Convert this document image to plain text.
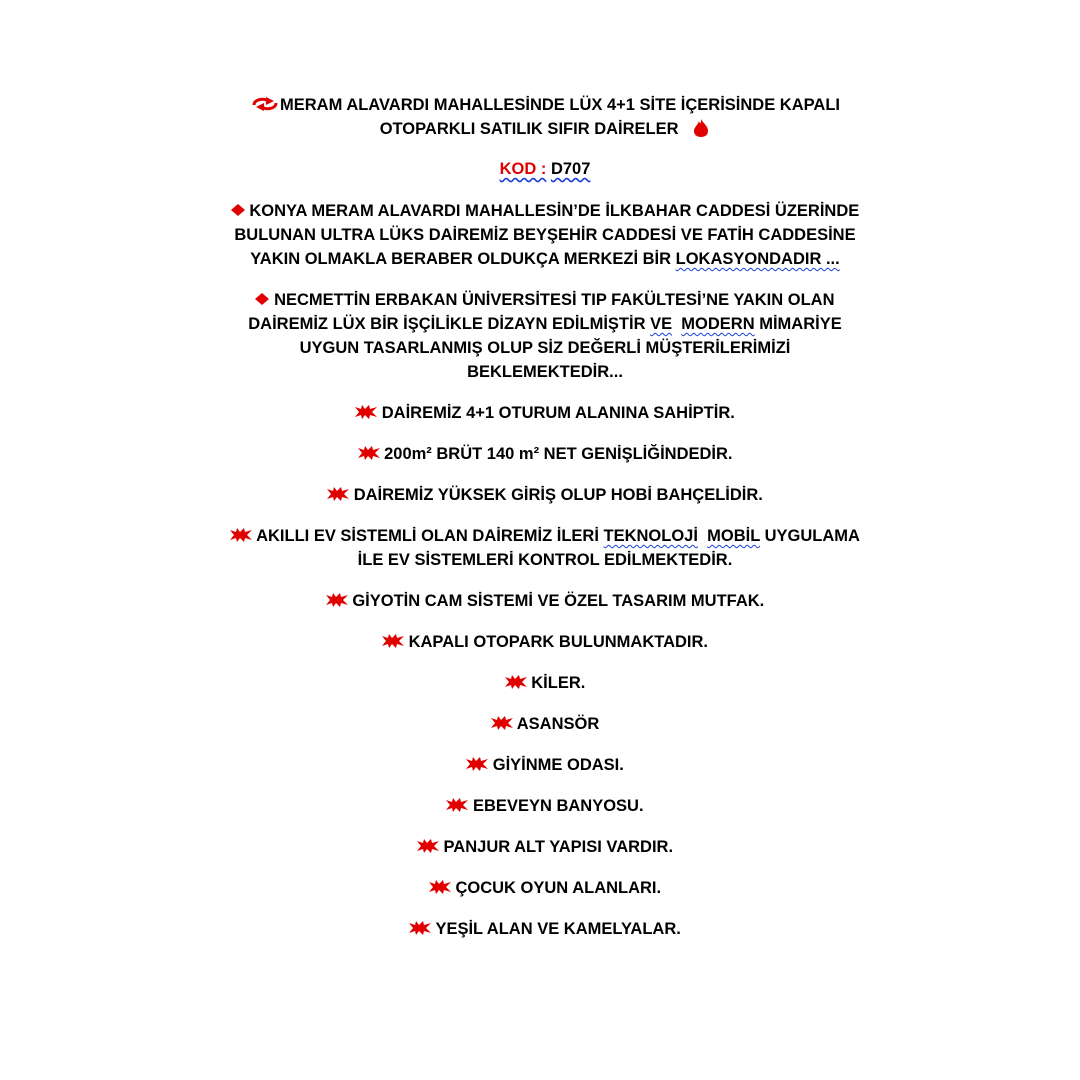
MERAM ALAVARDI MAHALLESİNDE LÜX 4+1 SİTE İÇERİSİNDE KAPALI
OTOPARKLI SATILIK SIFIR DAİRELER

KOD : D707

KONYA MERAM ALAVARDI MAHALLESİN’DE İLKBAHAR CADDESİ ÜZERİNDE
BULUNAN ULTRA LÜKS DAİREMİZ BEYŞEHİR CADDESİ VE FATİH CADDESİNE
YAKIN OLMAKLA BERABER OLDUKÇA MERKEZİ BİR LOKASYONDADIR ...

NECMETTİN ERBAKAN ÜNİVERSİTESİ TIP FAKÜLTESİ’NE YAKIN OLAN
DAİREMİZ LÜX BİR İŞÇİLİKLE DİZAYN EDİLMİŞTİR VE MODERN MİMARİYE
UYGUN TASARLANMIŞ OLUP SİZ DEĞERLİ MÜŞTERİLERİMİZİ
BEKLEMEKTEDİR...

DAİREMİZ 4+1 OTURUM ALANINA SAHİPTİR.

200m² BRÜT 140 m² NET GENİŞLİĞİNDEDİR.

DAİREMİZ YÜKSEK GİRİŞ OLUP HOBİ BAHÇELİDİR.

AKILLI EV SİSTEMLİ OLAN DAİREMİZ İLERİ TEKNOLOJİ MOBİL UYGULAMA
İLE EV SİSTEMLERİ KONTROL EDİLMEKTEDİR.

GİYOTİN CAM SİSTEMİ VE ÖZEL TASARIM MUTFAK.

KAPALI OTOPARK BULUNMAKTADIR.

KİLER.

ASANSÖR

GİYİNME ODASI.

EBEVEYN BANYOSU.

PANJUR ALT YAPISI VARDIR.

ÇOCUK OYUN ALANLARI.

YEŞİL ALAN VE KAMELYALAR.
